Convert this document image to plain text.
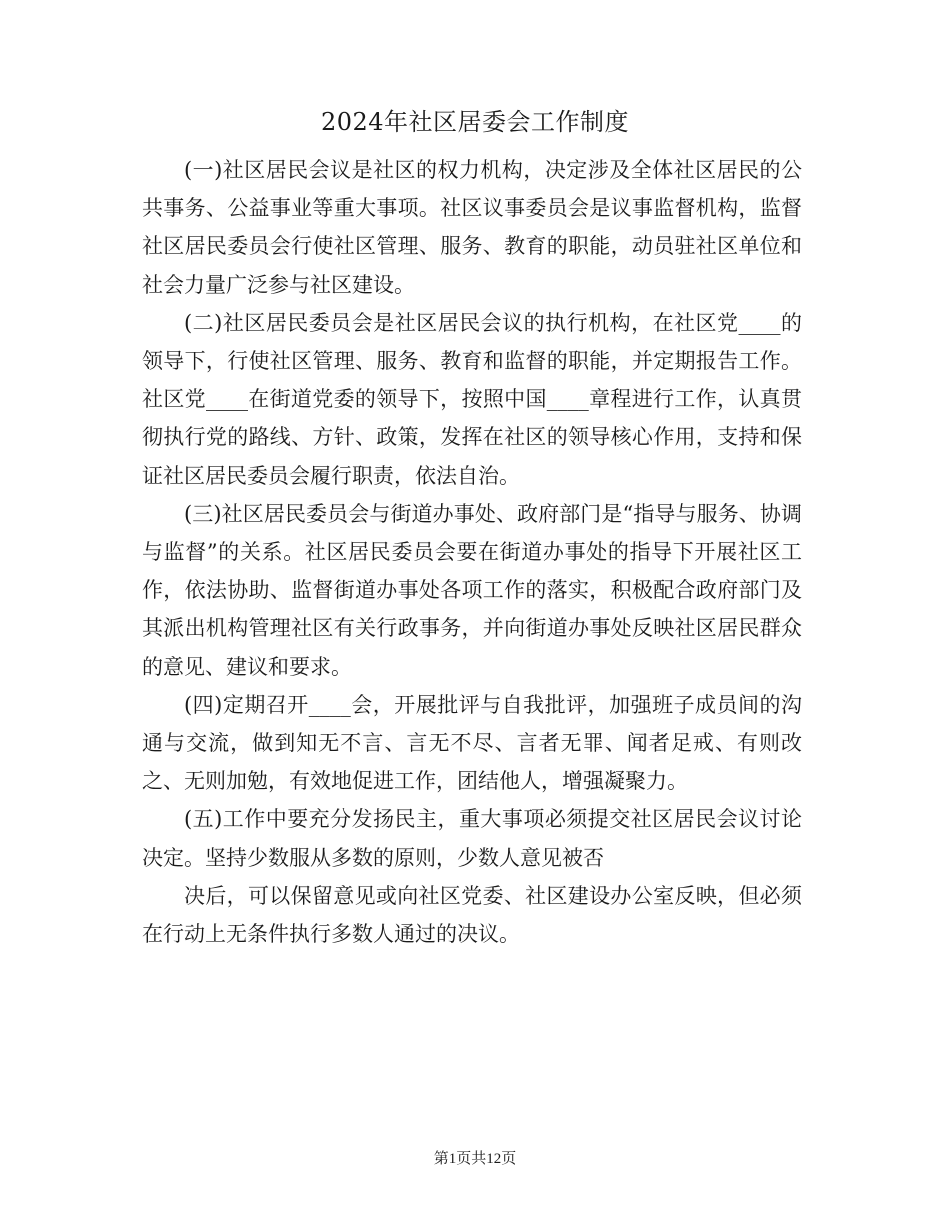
2024年社区居委会工作制度

(一)社区居民会议是社区的权力机构，决定涉及全体社区居民的公共事务、公益事业等重大事项。社区议事委员会是议事监督机构，监督社区居民委员会行使社区管理、服务、教育的职能，动员驻社区单位和社会力量广泛参与社区建设。

(二)社区居民委员会是社区居民会议的执行机构，在社区党____的领导下，行使社区管理、服务、教育和监督的职能，并定期报告工作。社区党____在街道党委的领导下，按照中国____章程进行工作，认真贯彻执行党的路线、方针、政策，发挥在社区的领导核心作用，支持和保证社区居民委员会履行职责，依法自治。

(三)社区居民委员会与街道办事处、政府部门是“指导与服务、协调与监督”的关系。社区居民委员会要在街道办事处的指导下开展社区工作，依法协助、监督街道办事处各项工作的落实，积极配合政府部门及其派出机构管理社区有关行政事务，并向街道办事处反映社区居民群众的意见、建议和要求。

(四)定期召开____会，开展批评与自我批评，加强班子成员间的沟通与交流，做到知无不言、言无不尽、言者无罪、闻者足戒、有则改之、无则加勉，有效地促进工作，团结他人，增强凝聚力。

(五)工作中要充分发扬民主，重大事项必须提交社区居民会议讨论决定。坚持少数服从多数的原则，少数人意见被否

决后，可以保留意见或向社区党委、社区建设办公室反映，但必须在行动上无条件执行多数人通过的决议。

第1页共12页
